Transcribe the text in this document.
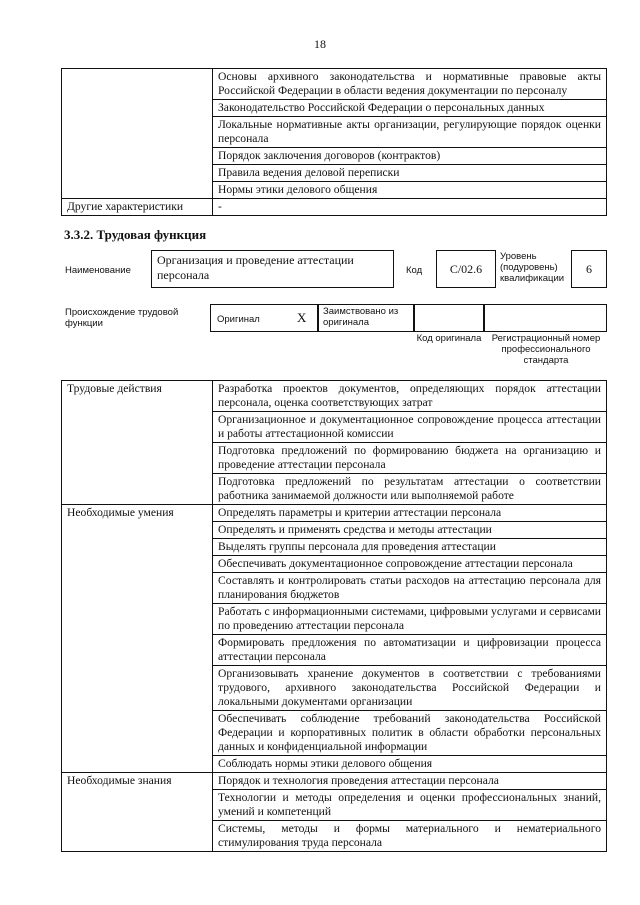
18
	Основы архивного законодательства и нормативные правовые акты Российской Федерации в области ведения документации по персоналу
	Законодательство Российской Федерации о персональных данных
	Локальные нормативные акты организации, регулирующие порядок оценки персонала
	Порядок заключения договоров (контрактов)
	Правила ведения деловой переписки
	Нормы этики делового общения
Другие характеристики	-
3.3.2. Трудовая функция
Наименование
Организация и проведение аттестации персонала	Код	C/02.6
Уровень (подуровень) квалификации
6
Происхождение трудовой функции	Оригинал	X Заимствовано из оригинала
Код оригинала	Регистрационный номер профессионального стандарта
Трудовые действия	Разработка проектов документов, определяющих порядок аттестации персонала, оценка соответствующих затрат
	Организационное и документационное сопровождение процесса аттестации и работы аттестационной комиссии
	Подготовка предложений по формированию бюджета на организацию и проведение аттестации персонала
	Подготовка предложений по результатам аттестации о соответствии работника занимаемой должности или выполняемой работе
Необходимые умения	Определять параметры и критерии аттестации персонала
	Определять и применять средства и методы аттестации
	Выделять группы персонала для проведения аттестации
	Обеспечивать документационное сопровождение аттестации персонала
	Составлять и контролировать статьи расходов на аттестацию персонала для планирования бюджетов
	Работать с информационными системами, цифровыми услугами и сервисами по проведению аттестации персонала
	Формировать предложения по автоматизации и цифровизации процесса аттестации персонала
	Организовывать хранение документов в соответствии с требованиями трудового, архивного законодательства Российской Федерации и локальными документами организации
	Обеспечивать соблюдение требований законодательства Российской Федерации и корпоративных политик в области обработки персональных данных и конфиденциальной информации
	Соблюдать нормы этики делового общения
Необходимые знания	Порядок и технология проведения аттестации персонала
	Технологии и методы определения и оценки профессиональных знаний, умений и компетенций
	Системы, методы и формы материального и нематериального стимулирования труда персонала
